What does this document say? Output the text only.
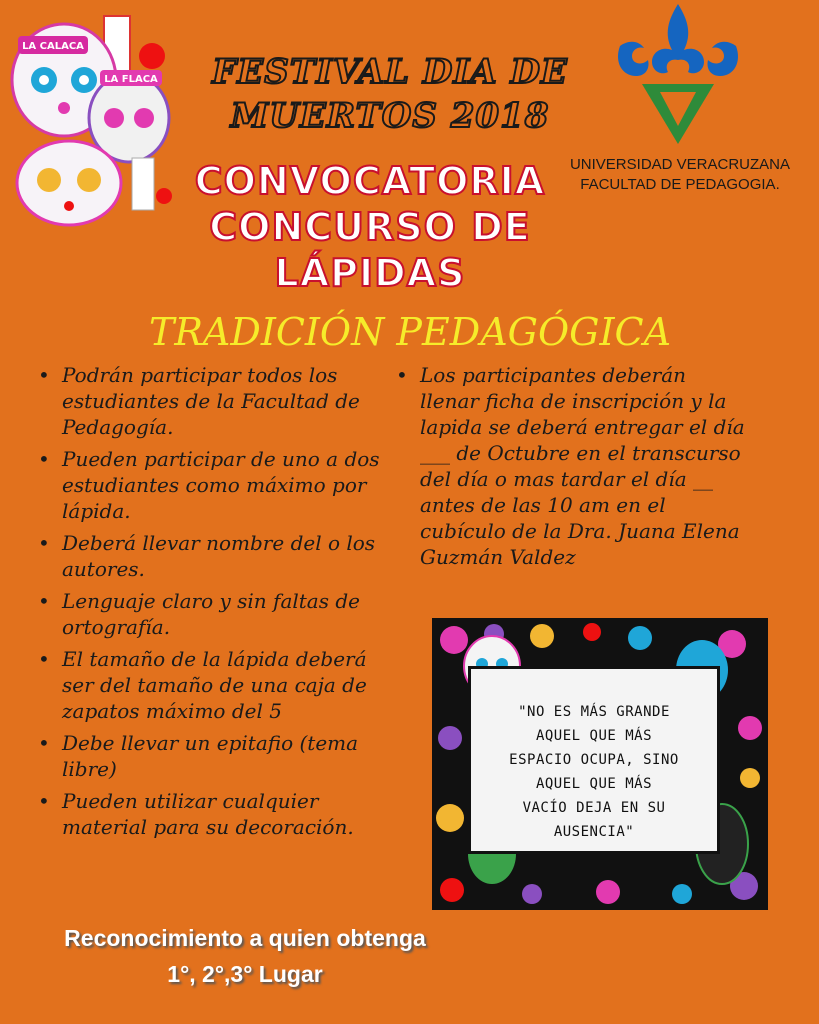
LA CALACA
LA FLACA	FESTIVAL DIA DE
MUERTOS 2018
CONVOCATORIA
CONCURSO DE
LÁPIDAS
UNIVERSIDAD VERACRUZANA
FACULTAD DE PEDAGOGIA.
TRADICIÓN PEDAGÓGICA
• Podrán participar todos los estudiantes de la Facultad de Pedagogía.
• Pueden participar de uno a dos estudiantes como máximo por lápida.
• Deberá llevar nombre del o los autores.
• Lenguaje claro y sin faltas de ortografía.
• El tamaño de la lápida deberá ser del tamaño de una caja de zapatos máximo del 5
• Debe llevar un epitafio (tema libre)
• Pueden utilizar cualquier material para su decoración.
• Los participantes deberán llenar ficha de inscripción y la lapida se deberá entregar el día ___ de Octubre en el transcurso del día o mas tardar el día __ antes de las 10 am en el cubículo de la Dra. Juana Elena Guzmán Valdez
"NO ES MÁS GRANDE
AQUEL QUE MÁS
ESPACIO OCUPA, SINO
AQUEL QUE MÁS
VACÍO DEJA EN SU
AUSENCIA"
Reconocimiento a quien obtenga
1°, 2°,3° Lugar
